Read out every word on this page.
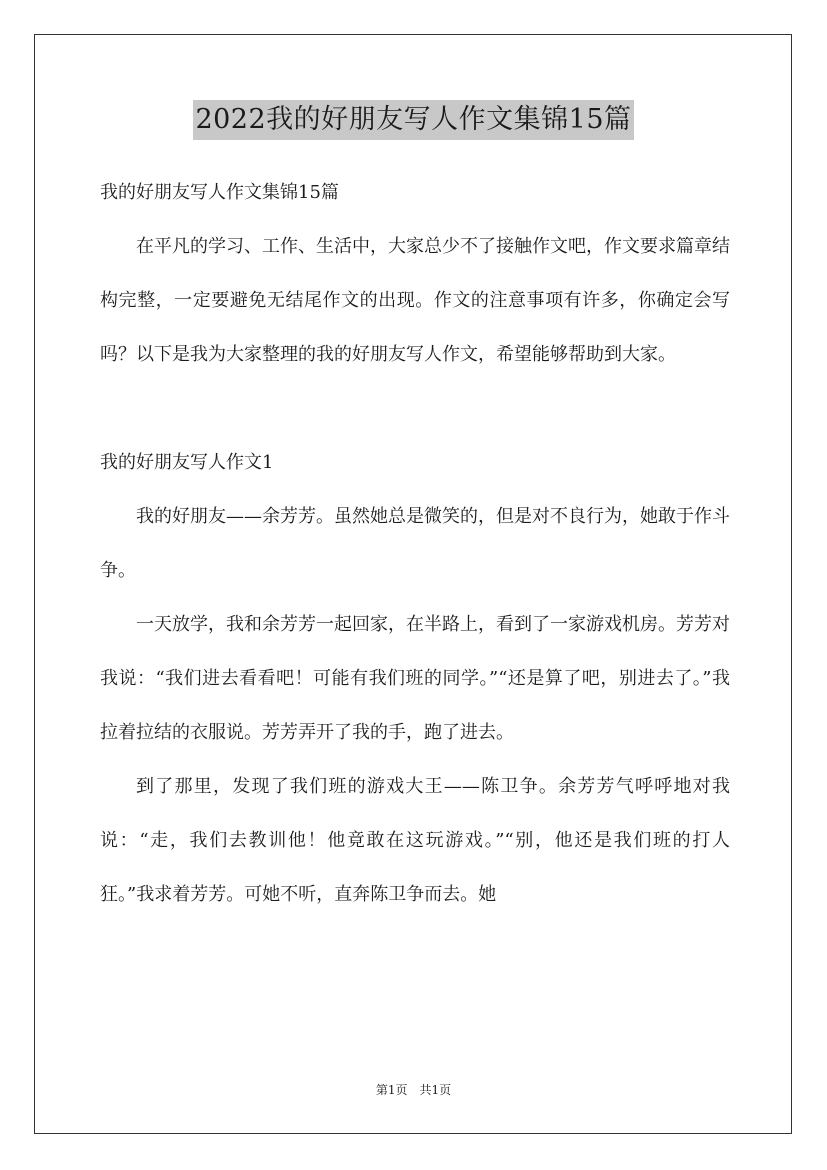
2022我的好朋友写人作文集锦15篇

我的好朋友写人作文集锦15篇

在平凡的学习、工作、生活中，大家总少不了接触作文吧，作文要求篇章结构完整，一定要避免无结尾作文的出现。作文的注意事项有许多，你确定会写吗？以下是我为大家整理的我的好朋友写人作文，希望能够帮助到大家。

我的好朋友写人作文1

我的好朋友——余芳芳。虽然她总是微笑的，但是对不良行为，她敢于作斗争。

一天放学，我和余芳芳一起回家，在半路上，看到了一家游戏机房。芳芳对我说：“我们进去看看吧！可能有我们班的同学。”“还是算了吧，别进去了。”我拉着拉结的衣服说。芳芳弄开了我的手，跑了进去。

到了那里，发现了我们班的游戏大王——陈卫争。余芳芳气呼呼地对我说：“走，我们去教训他！他竟敢在这玩游戏。”“别，他还是我们班的打人狂。”我求着芳芳。可她不听，直奔陈卫争而去。她

第1页 共1页
